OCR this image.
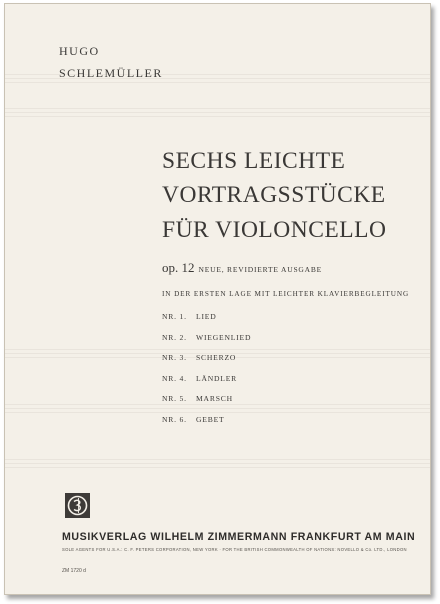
HUGO
SCHLEMÜLLER
SECHS LEICHTE
VORTRAGSSTÜCKE
FÜR VIOLONCELLO
op. 12 NEUE, REVIDIERTE AUSGABE
IN DER ERSTEN LAGE MIT LEICHTER KLAVIERBEGLEITUNG
NR. 1. LIED
NR. 2. WIEGENLIED
NR. 3. SCHERZO
NR. 4. LÄNDLER
NR. 5. MARSCH
NR. 6. GEBET
MUSIKVERLAG WILHELM ZIMMERMANN FRANKFURT AM MAIN
SOLE AGENTS FOR U.S.A.: C. F. PETERS CORPORATION, NEW YORK · FOR THE BRITISH COMMONWEALTH OF NATIONS: NOVELLO & Co. LTD., LONDON
ZM 1720 d
